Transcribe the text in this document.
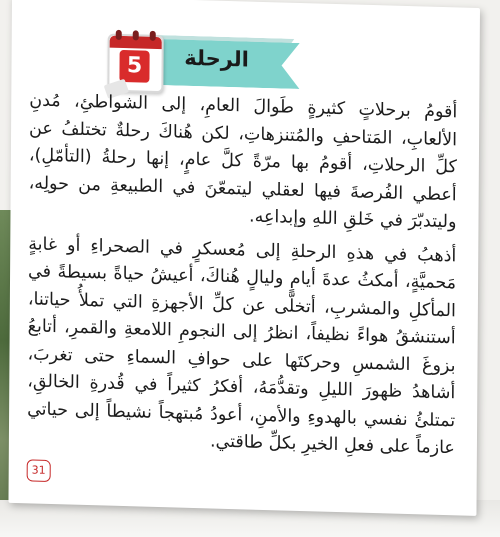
الرحلة
5

أقومُ برحلاتٍ كثيرةٍ طَوالَ العامِ، إلى الشواطئِ، مُدنِ الألعابِ، المَتاحفِ والمُتنزهاتِ، لكن هُناكَ رحلةٌ تختلفُ عن كلِّ الرحلاتِ، أقومُ بها مرّةً كلَّ عامٍ، إنها رحلةُ (التأمّلِ)، أعطي الفُرصةَ فيها لعقلي ليتمعّنَ في الطبيعةِ من حولِه، وليتدبّرَ في خَلقِ اللهِ وإبداعِه.

أذهبُ في هذهِ الرحلةِ إلى مُعسكرٍ في الصحراءِ أو غابةٍ مَحميَّةٍ، أمكثُ عدةَ أيامٍ وليالٍ هُناكَ، أعيشُ حياةً بسيطةً في المأكلِ والمشربِ، أتخلّى عن كلِّ الأجهزةِ التي تملأُ حياتنا، أستنشقُ هواءً نظيفاً، انظرُ إلى النجومِ اللامعةِ والقمرِ، أتابعُ بزوغَ الشمسِ وحركتَها على حوافِ السماءِ حتى تغربَ، أشاهدُ ظهورَ الليلِ وتقدُّمَهُ، أفكرُ كثيراً في قُدرةِ الخالقِ، تمتلئُ نفسي بالهدوءِ والأمنِ، أعودُ مُبتهجاً نشيطاً إلى حياتي عازماً على فعلِ الخيرِ بكلِّ طاقتي.

31
